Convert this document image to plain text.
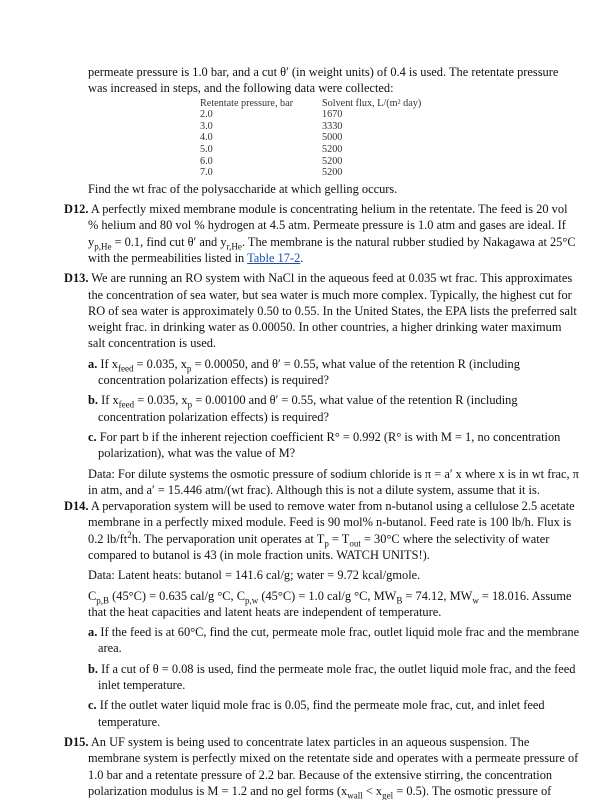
permeate pressure is 1.0 bar, and a cut θ′ (in weight units) of 0.4 is used. The retentate pressure was increased in steps, and the following data were collected:

Retentate pressure, bar	Solvent flux, L/(m² day)
2.0	1670
3.0	3330
4.0	5000
5.0	5200
6.0	5200
7.0	5200

Find the wt frac of the polysaccharide at which gelling occurs.

D12. A perfectly mixed membrane module is concentrating helium in the retentate. The feed is 20 vol % helium and 80 vol % hydrogen at 4.5 atm. Permeate pressure is 1.0 atm and gases are ideal. If $y_{p,He} = 0.1$, find cut θ′ and $y_{r,He}$. The membrane is the natural rubber studied by Nakagawa at 25°C with the permeabilities listed in Table 17-2.

D13. We are running an RO system with NaCl in the aqueous feed at 0.035 wt frac. This approximates the concentration of sea water, but sea water is much more complex. Typically, the highest cut for RO of sea water is approximately 0.50 to 0.55. In the United States, the EPA lists the preferred salt weight frac. in drinking water as 0.00050. In other countries, a higher drinking water maximum salt concentration is used.

a. If $x_{feed} = 0.035$, $x_p = 0.00050$, and θ′ = 0.55, what value of the retention R (including concentration polarization effects) is required?

b. If $x_{feed} = 0.035$, $x_p = 0.00100$ and θ′ = 0.55, what value of the retention R (including concentration polarization effects) is required?

c. For part b if the inherent rejection coefficient R° = 0.992 (R° is with M = 1, no concentration polarization), what was the value of M?

Data: For dilute systems the osmotic pressure of sodium chloride is π = a′ x where x is in wt frac, π in atm, and a′ = 15.446 atm/(wt frac). Although this is not a dilute system, assume that it is.

D14. A pervaporation system will be used to remove water from n-butanol using a cellulose 2.5 acetate membrane in a perfectly mixed module. Feed is 90 mol% n-butanol. Feed rate is 100 lb/h. Flux is 0.2 $lb/ft^2h$. The pervaporation unit operates at $T_p = T_{out} = 30^\circ C$ where the selectivity of water compared to butanol is 43 (in mole fraction units. WATCH UNITS!).

Data: Latent heats: butanol = 141.6 cal/g; water = 9.72 kcal/gmole.

$C_{p,B}$ (45°C) = 0.635 cal/g °C, $C_{p,w}$ (45°C) = 1.0 cal/g °C, $MW_B = 74.12$, $MW_w = 18.016$. Assume that the heat capacities and latent heats are independent of temperature.

a. If the feed is at 60°C, find the cut, permeate mole frac, outlet liquid mole frac and the membrane area.

b. If a cut of θ = 0.08 is used, find the permeate mole frac, the outlet liquid mole frac, and the feed inlet temperature.

c. If the outlet water liquid mole frac is 0.05, find the permeate mole frac, cut, and inlet feed temperature.

D15. An UF system is being used to concentrate latex particles in an aqueous suspension. The membrane system is perfectly mixed on the retentate side and operates with a permeate pressure of 1.0 bar and a retentate pressure of 2.2 bar. Because of the extensive stirring, the concentration polarization modulus is M = 1.2 and no gel forms $(x_{wall} < x_{gel} = 0.5)$. The osmotic pressure of
